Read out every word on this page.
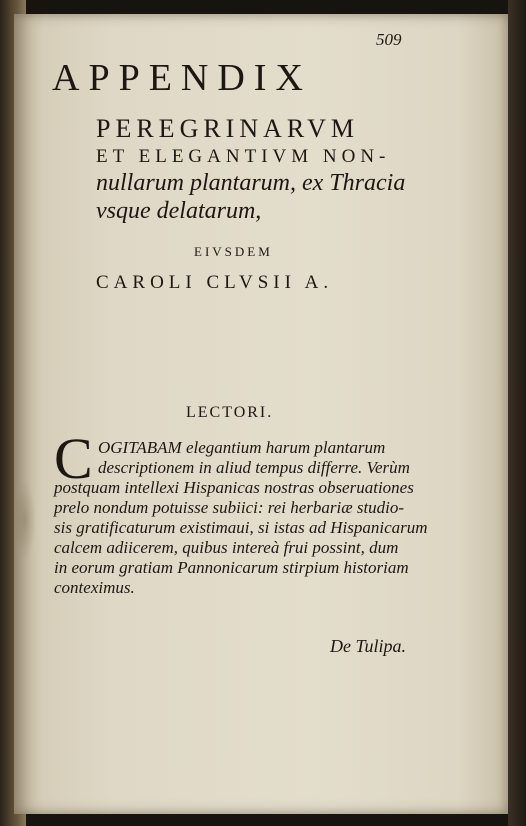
509
APPENDIX
PEREGRINARVM
ET ELEGANTIVM NON-
nullarum plantarum, ex Thracia
vsque delatarum,
EIVSDEM
CAROLI CLVSII A.
LECTORI.
C OGITABAM elegantium harum plantarum
descriptionem in aliud tempus differre. Verùm
postquam intellexi Hispanicas nostras obseruationes
prelo nondum potuisse subiici: rei herbariæ studio-
sis gratificaturum existimaui, si istas ad Hispanicarum
calcem adiicerem, quibus intereà frui possint, dum
in eorum gratiam Pannonicarum stirpium historiam
conteximus.
De Tulipa.
